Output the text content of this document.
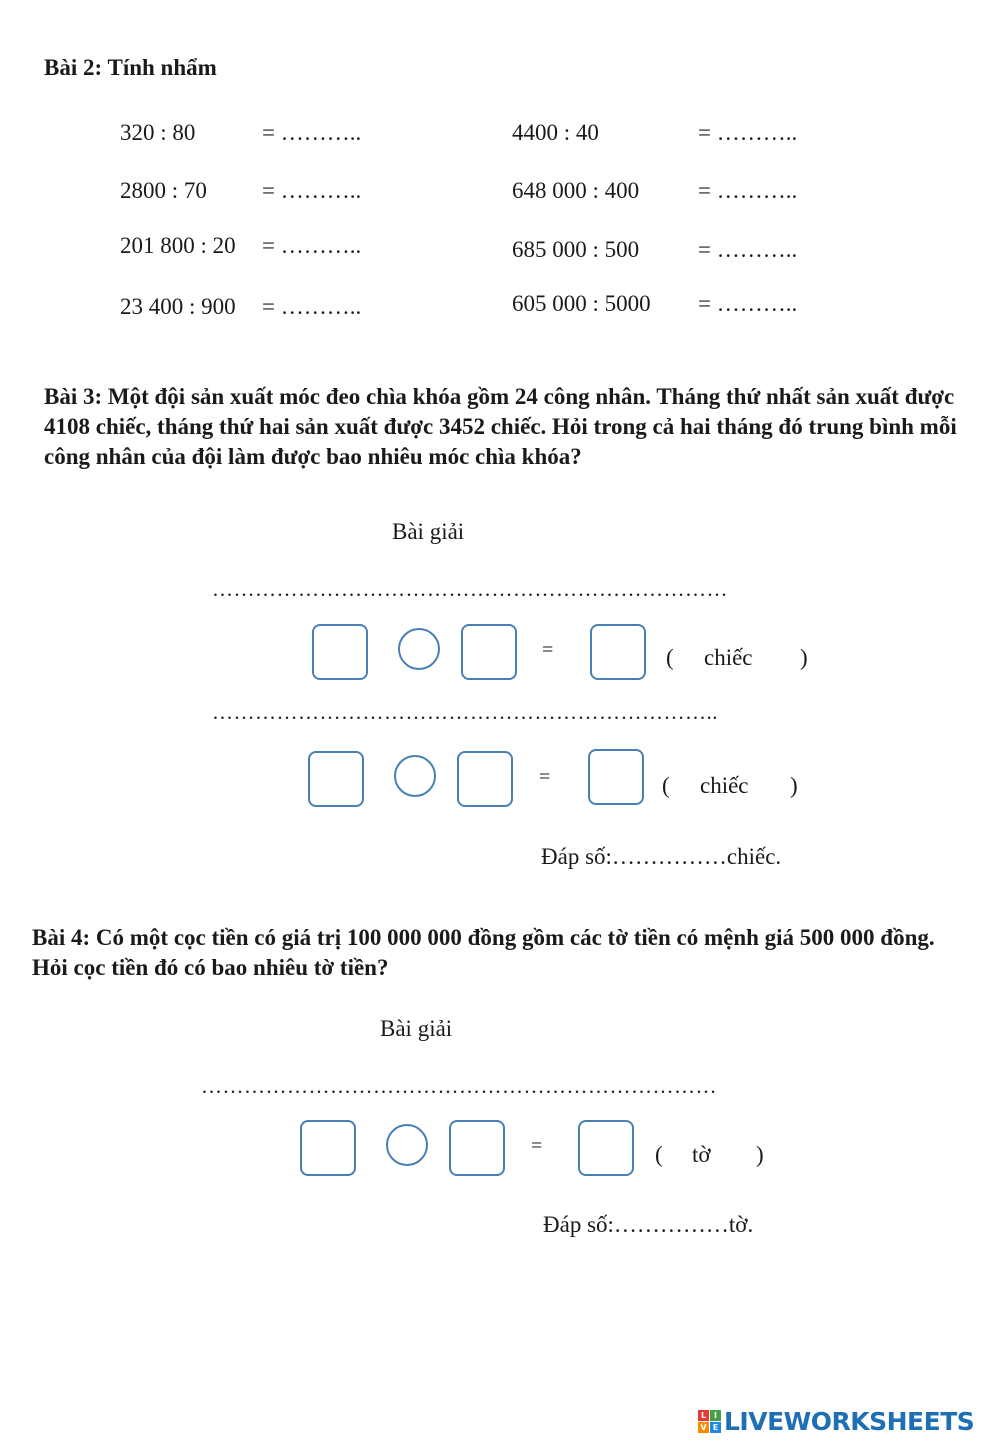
Bài 2: Tính nhẩm
320 : 80	= ………..
2800 : 70 = ………..
201 800 : 20 = ………..
23 400 : 900 = ………..
4400 : 40	= ………..
648 000 : 400	= ………..
685 000 : 500	= ………..
605 000 : 5000 = ………..
Bài 3: Một đội sản xuất móc đeo chìa khóa gồm 24 công nhân. Tháng thứ nhất sản xuất được 4108 chiếc, tháng thứ hai sản xuất được 3452 chiếc. Hỏi trong cả hai tháng đó trung bình mỗi công nhân của đội làm được bao nhiêu móc chìa khóa?
Bài giải
………………………………………………………………
=	( chiếc )
……………………………………………………………..
=	( chiếc )
Đáp số:……………chiếc.
Bài 4: Có một cọc tiền có giá trị 100 000 000 đồng gồm các tờ tiền có mệnh giá 500 000 đồng. Hỏi cọc tiền đó có bao nhiêu tờ tiền?
Bài giải
………………………………………………………………
=	( tờ )
Đáp số:……………tờ.
L I
V E LIVEWORKSHEETS
